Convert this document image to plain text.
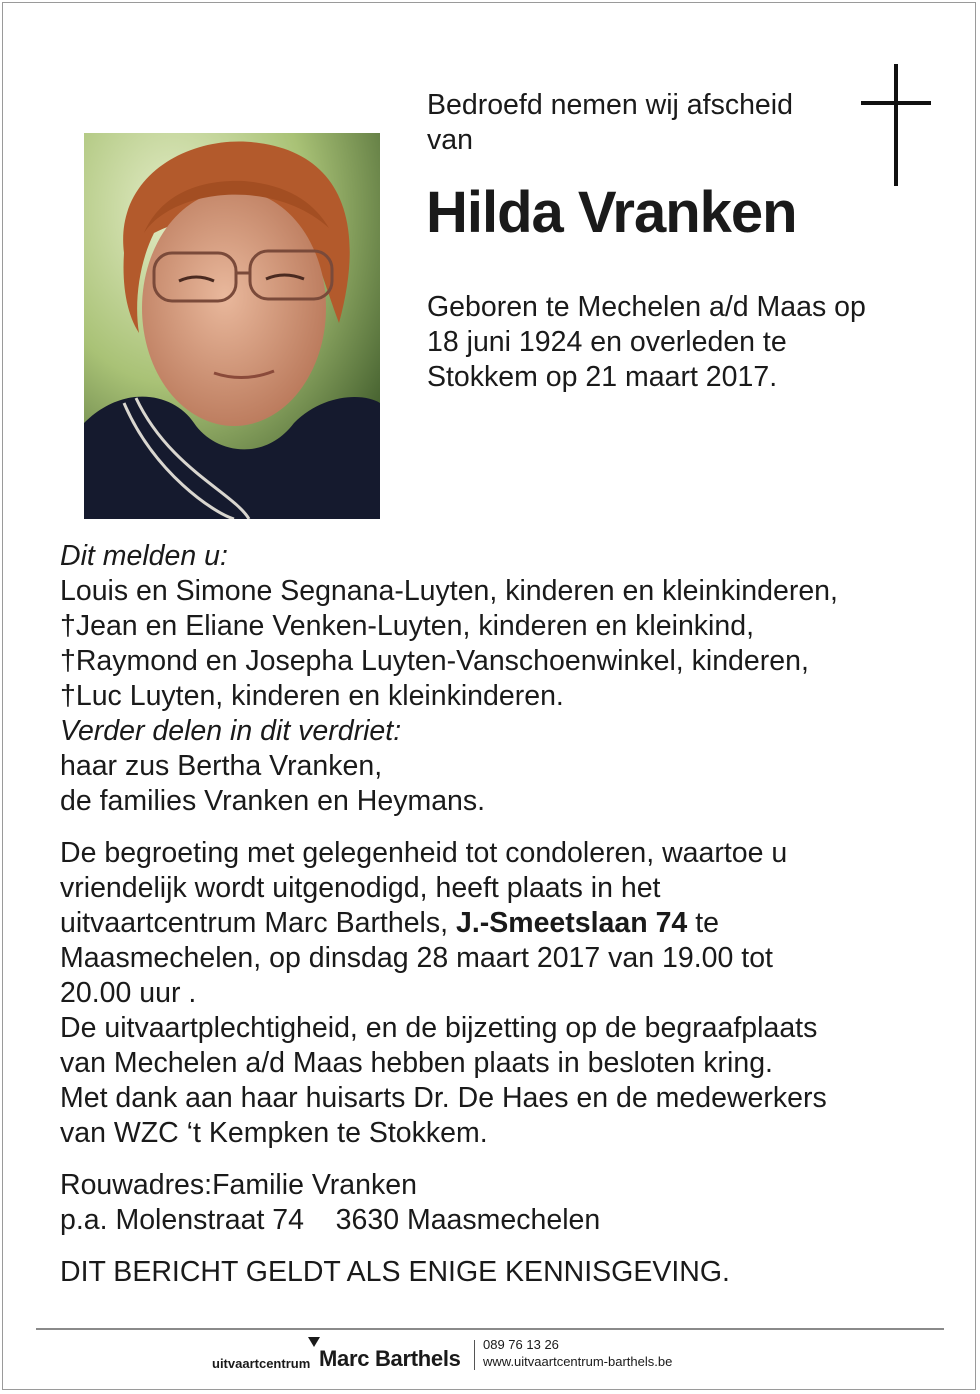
Bedroefd nemen wij afscheid
van
Hilda Vranken
Geboren te Mechelen a/d Maas op
18 juni 1924 en overleden te
Stokkem op 21 maart 2017.
Dit melden u:
Louis en Simone Segnana-Luyten, kinderen en kleinkinderen,
†Jean en Eliane Venken-Luyten, kinderen en kleinkind,
†Raymond en Josepha Luyten-Vanschoenwinkel, kinderen,
†Luc Luyten, kinderen en kleinkinderen.
Verder delen in dit verdriet:
haar zus Bertha Vranken,
de families Vranken en Heymans.
De begroeting met gelegenheid tot condoleren, waartoe u
vriendelijk wordt uitgenodigd, heeft plaats in het
uitvaartcentrum Marc Barthels, J.-Smeetslaan 74 te
Maasmechelen, op dinsdag 28 maart 2017 van 19.00 tot
20.00 uur .
De uitvaartplechtigheid, en de bijzetting op de begraafplaats
van Mechelen a/d Maas hebben plaats in besloten kring.
Met dank aan haar huisarts Dr. De Haes en de medewerkers
van WZC ‘t Kempken te Stokkem.
Rouwadres:Familie Vranken
p.a. Molenstraat 74    3630 Maasmechelen
DIT BERICHT GELDT ALS ENIGE KENNISGEVING.
uitvaartcentrum Marc Barthels
089 76 13 26
www.uitvaartcentrum-barthels.be
